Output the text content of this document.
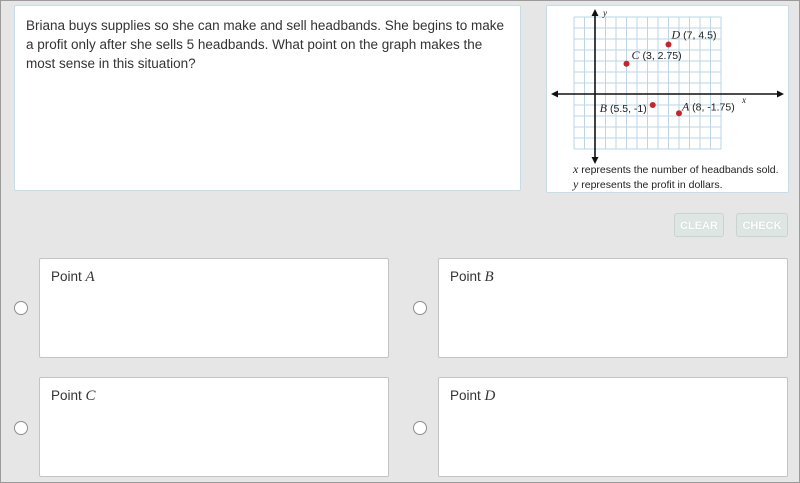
Briana buys supplies so she can make and sell headbands. She begins to make a profit only after she sells 5 headbands. What point on the graph makes the most sense in this situation?
x
y
A (8, -1.75)
B (5.5, -1)
C (3, 2.75)
D (7, 4.5)
x represents the number of headbands sold.
y represents the profit in dollars.
CLEAR	CHECK
Point A	Point B
Point C	Point D
